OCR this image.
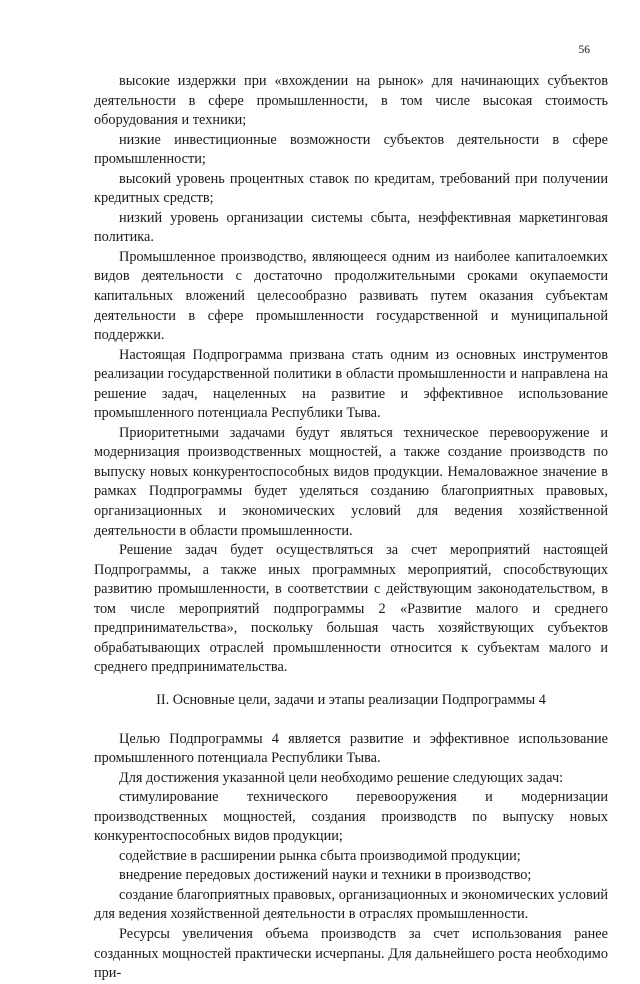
56

высокие издержки при «вхождении на рынок» для начинающих субъектов деятельности в сфере промышленности, в том числе высокая стоимость оборудования и техники;

низкие инвестиционные возможности субъектов деятельности в сфере промышленности;

высокий уровень процентных ставок по кредитам, требований при получении кредитных средств;

низкий уровень организации системы сбыта, неэффективная маркетинговая политика.

Промышленное производство, являющееся одним из наиболее капиталоемких видов деятельности с достаточно продолжительными сроками окупаемости капитальных вложений целесообразно развивать путем оказания субъектам деятельности в сфере промышленности государственной и муниципальной поддержки.

Настоящая Подпрограмма призвана стать одним из основных инструментов реализации государственной политики в области промышленности и направлена на решение задач, нацеленных на развитие и эффективное использование промышленного потенциала Республики Тыва.

Приоритетными задачами будут являться техническое перевооружение и модернизация производственных мощностей, а также создание производств по выпуску новых конкурентоспособных видов продукции. Немаловажное значение в рамках Подпрограммы будет уделяться созданию благоприятных правовых, организационных и экономических условий для ведения хозяйственной деятельности в области промышленности.

Решение задач будет осуществляться за счет мероприятий настоящей Подпрограммы, а также иных программных мероприятий, способствующих развитию промышленности, в соответствии с действующим законодательством, в том числе мероприятий подпрограммы 2 «Развитие малого и среднего предпринимательства», поскольку большая часть хозяйствующих субъектов обрабатывающих отраслей промышленности относится к субъектам малого и среднего предпринимательства.

II. Основные цели, задачи и этапы реализации Подпрограммы 4

Целью Подпрограммы 4 является развитие и эффективное использование промышленного потенциала Республики Тыва.

Для достижения указанной цели необходимо решение следующих задач:

стимулирование технического перевооружения и модернизации производственных мощностей, создания производств по выпуску новых конкурентоспособных видов продукции;

содействие в расширении рынка сбыта производимой продукции;

внедрение передовых достижений науки и техники в производство;

создание благоприятных правовых, организационных и экономических условий для ведения хозяйственной деятельности в отраслях промышленности.

Ресурсы увеличения объема производств за счет использования ранее созданных мощностей практически исчерпаны. Для дальнейшего роста необходимо при-
